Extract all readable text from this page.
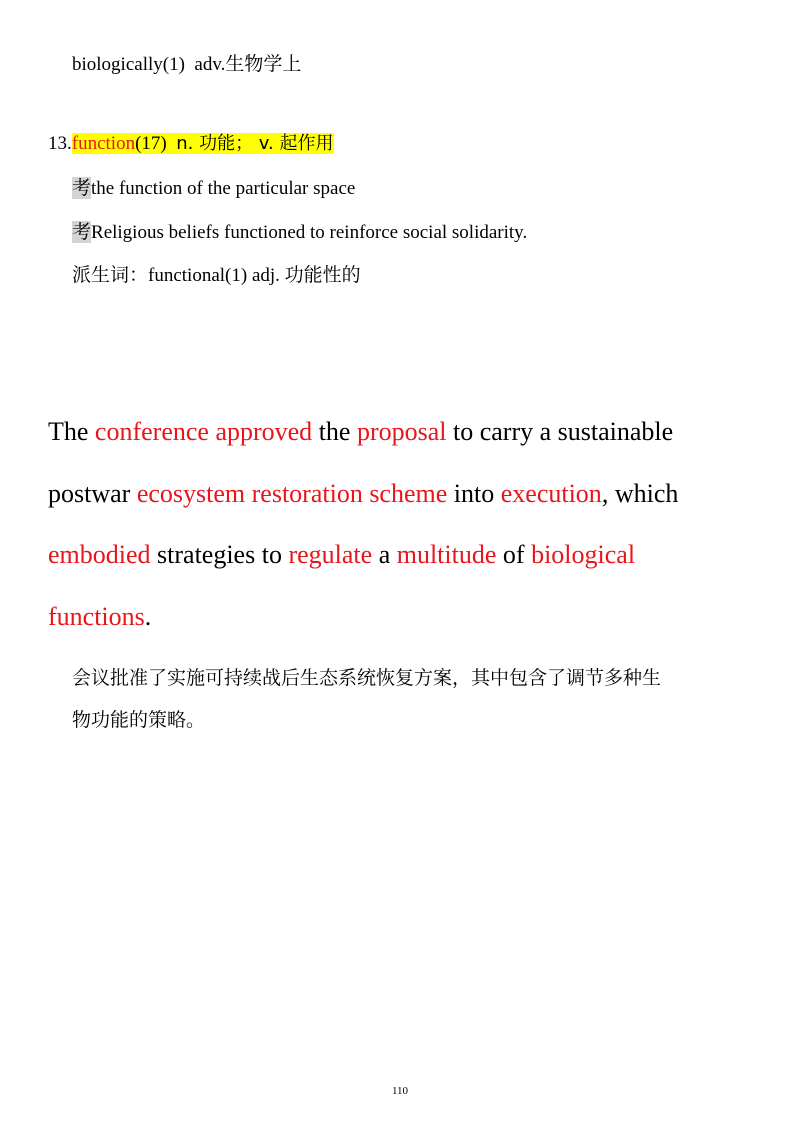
biologically(1) adv.生物学上
13.function(17) n. 功能； v. 起作用
考the function of the particular space
考Religious beliefs functioned to reinforce social solidarity.
派生词：functional(1) adj. 功能性的
The conference approved the proposal to carry a sustainable
postwar ecosystem restoration scheme into execution, which
embodied strategies to regulate a multitude of biological
functions.
会议批准了实施可持续战后生态系统恢复方案，其中包含了调节多种生
物功能的策略。
110
